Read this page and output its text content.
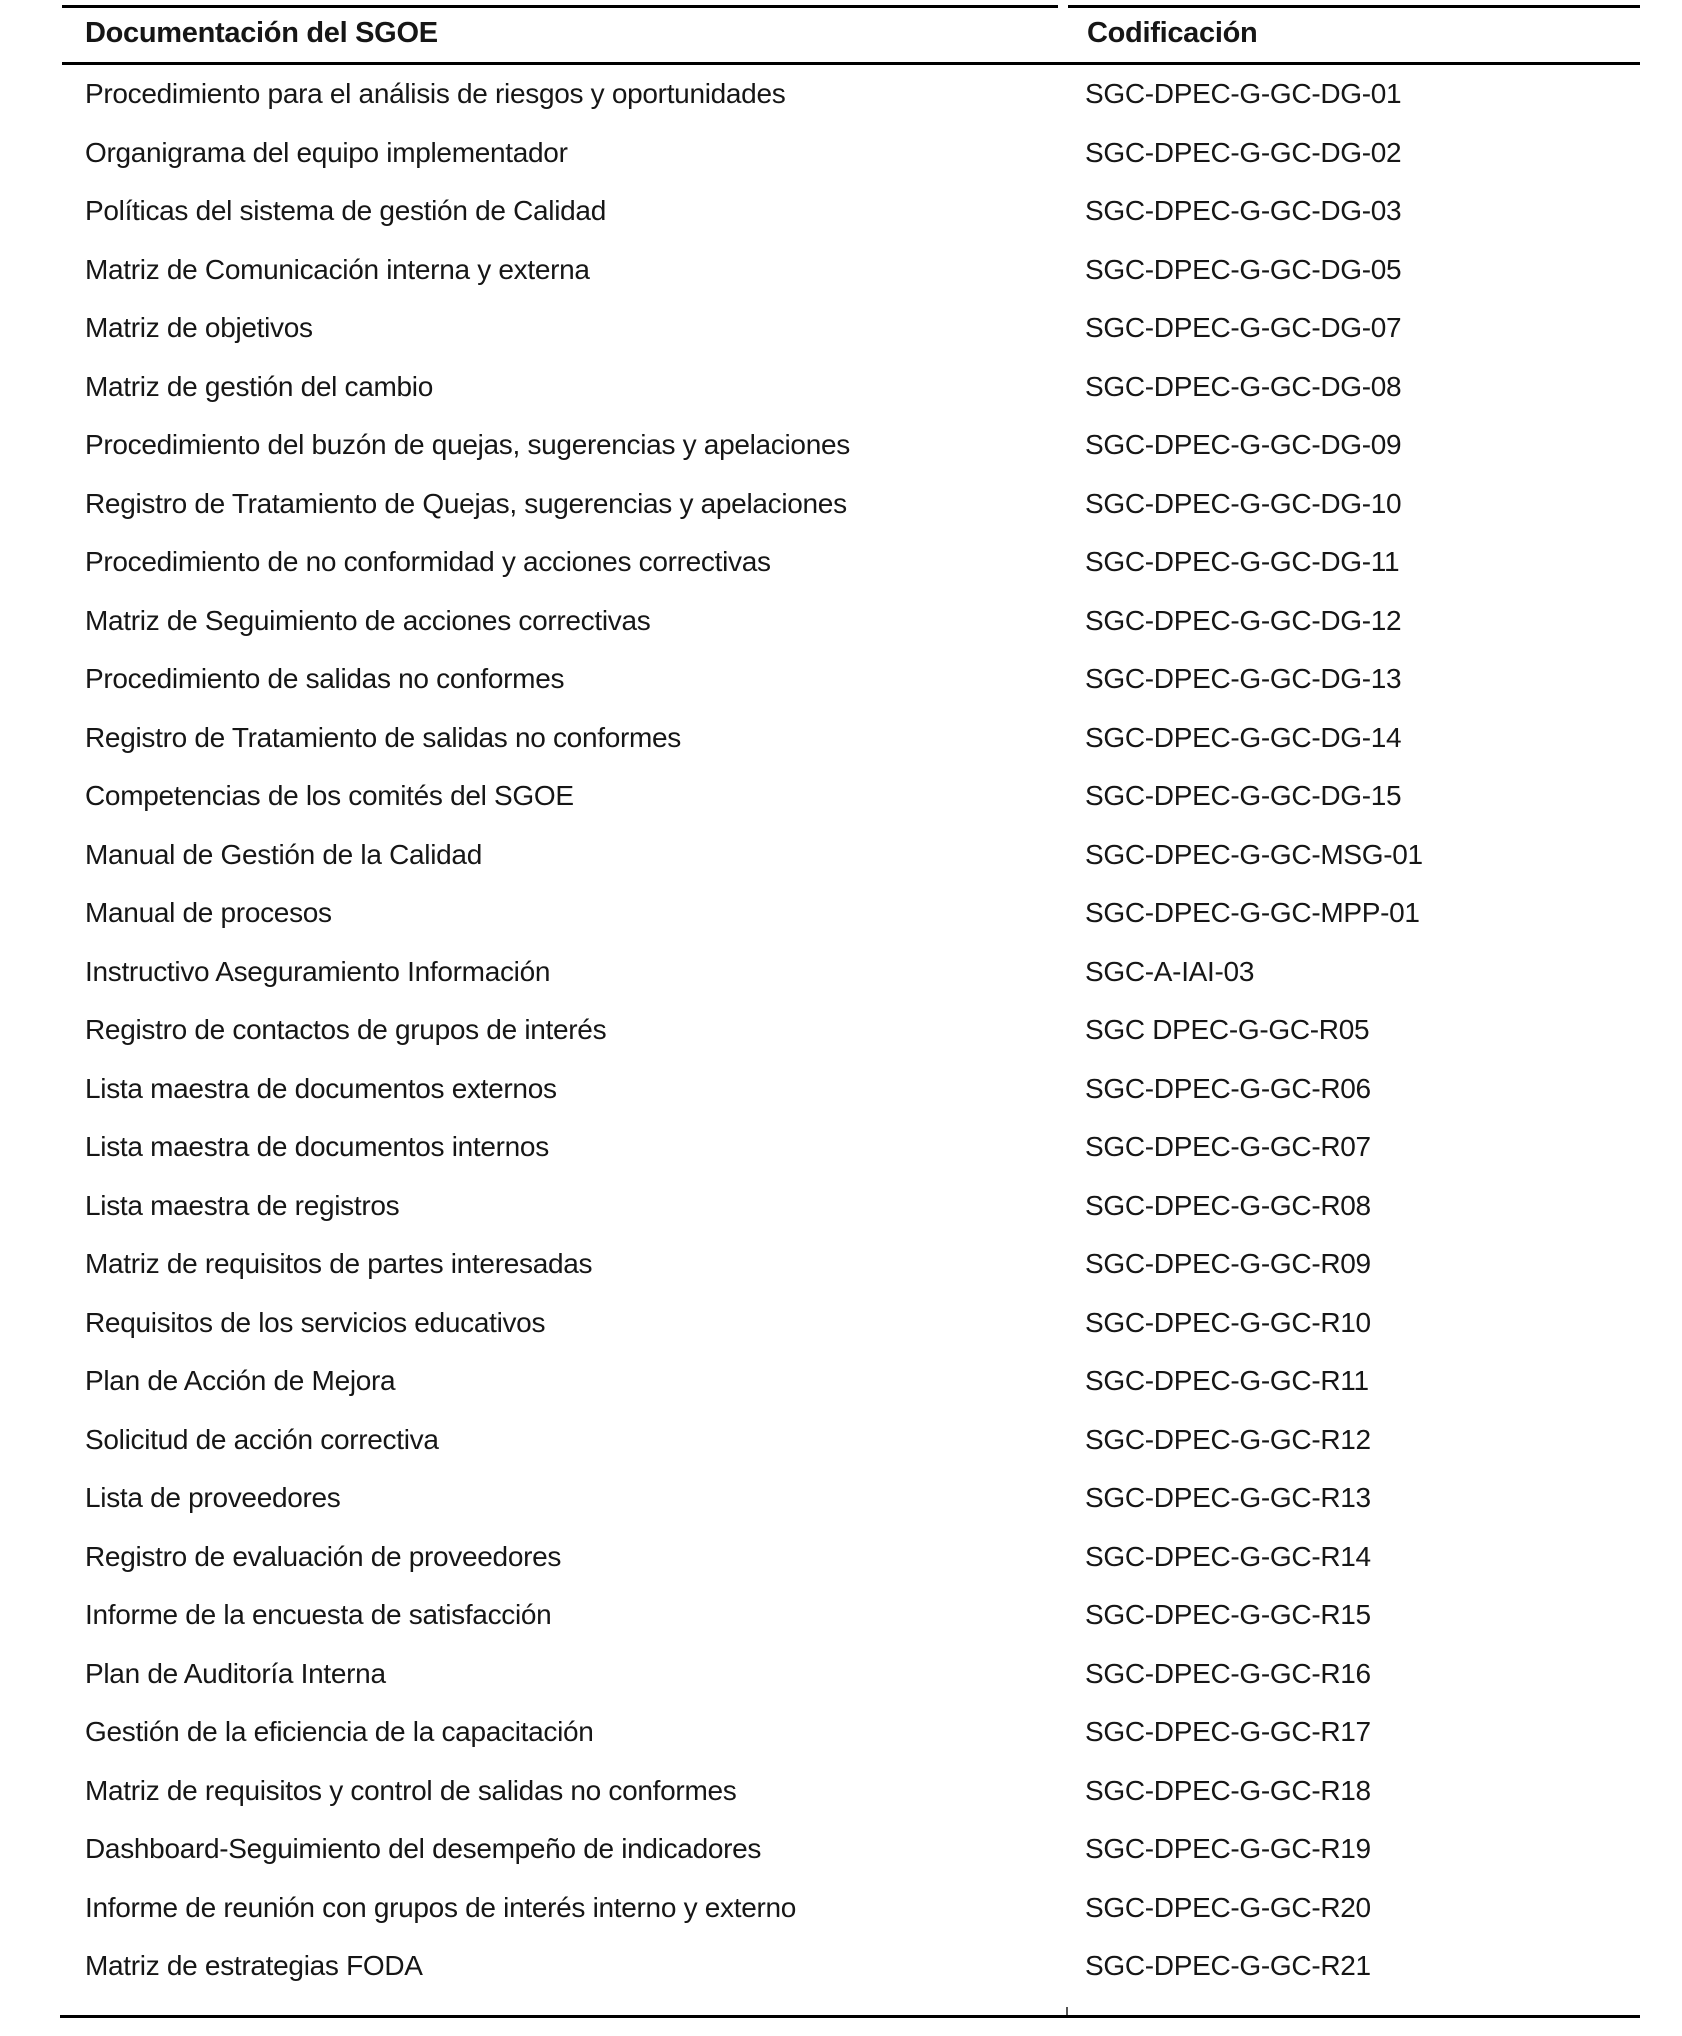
Documentación del SGOE	Codificación
Procedimiento para el análisis de riesgos y oportunidades	SGC-DPEC-G-GC-DG-01
Organigrama del equipo implementador	SGC-DPEC-G-GC-DG-02
Políticas del sistema de gestión de Calidad	SGC-DPEC-G-GC-DG-03
Matriz de Comunicación interna y externa	SGC-DPEC-G-GC-DG-05
Matriz de objetivos	SGC-DPEC-G-GC-DG-07
Matriz de gestión del cambio	SGC-DPEC-G-GC-DG-08
Procedimiento del buzón de quejas, sugerencias y apelaciones	SGC-DPEC-G-GC-DG-09
Registro de Tratamiento de Quejas, sugerencias y apelaciones	SGC-DPEC-G-GC-DG-10
Procedimiento de no conformidad y acciones correctivas	SGC-DPEC-G-GC-DG-11
Matriz de Seguimiento de acciones correctivas	SGC-DPEC-G-GC-DG-12
Procedimiento de salidas no conformes	SGC-DPEC-G-GC-DG-13
Registro de Tratamiento de salidas no conformes	SGC-DPEC-G-GC-DG-14
Competencias de los comités del SGOE	SGC-DPEC-G-GC-DG-15
Manual de Gestión de la Calidad	SGC-DPEC-G-GC-MSG-01
Manual de procesos	SGC-DPEC-G-GC-MPP-01
Instructivo Aseguramiento Información	SGC-A-IAI-03
Registro de contactos de grupos de interés	SGC DPEC-G-GC-R05
Lista maestra de documentos externos	SGC-DPEC-G-GC-R06
Lista maestra de documentos internos	SGC-DPEC-G-GC-R07
Lista maestra de registros	SGC-DPEC-G-GC-R08
Matriz de requisitos de partes interesadas	SGC-DPEC-G-GC-R09
Requisitos de los servicios educativos	SGC-DPEC-G-GC-R10
Plan de Acción de Mejora	SGC-DPEC-G-GC-R11
Solicitud de acción correctiva	SGC-DPEC-G-GC-R12
Lista de proveedores	SGC-DPEC-G-GC-R13
Registro de evaluación de proveedores	SGC-DPEC-G-GC-R14
Informe de la encuesta de satisfacción	SGC-DPEC-G-GC-R15
Plan de Auditoría Interna	SGC-DPEC-G-GC-R16
Gestión de la eficiencia de la capacitación	SGC-DPEC-G-GC-R17
Matriz de requisitos y control de salidas no conformes	SGC-DPEC-G-GC-R18
Dashboard-Seguimiento del desempeño de indicadores	SGC-DPEC-G-GC-R19
Informe de reunión con grupos de interés interno y externo	SGC-DPEC-G-GC-R20
Matriz de estrategias FODA	SGC-DPEC-G-GC-R21
